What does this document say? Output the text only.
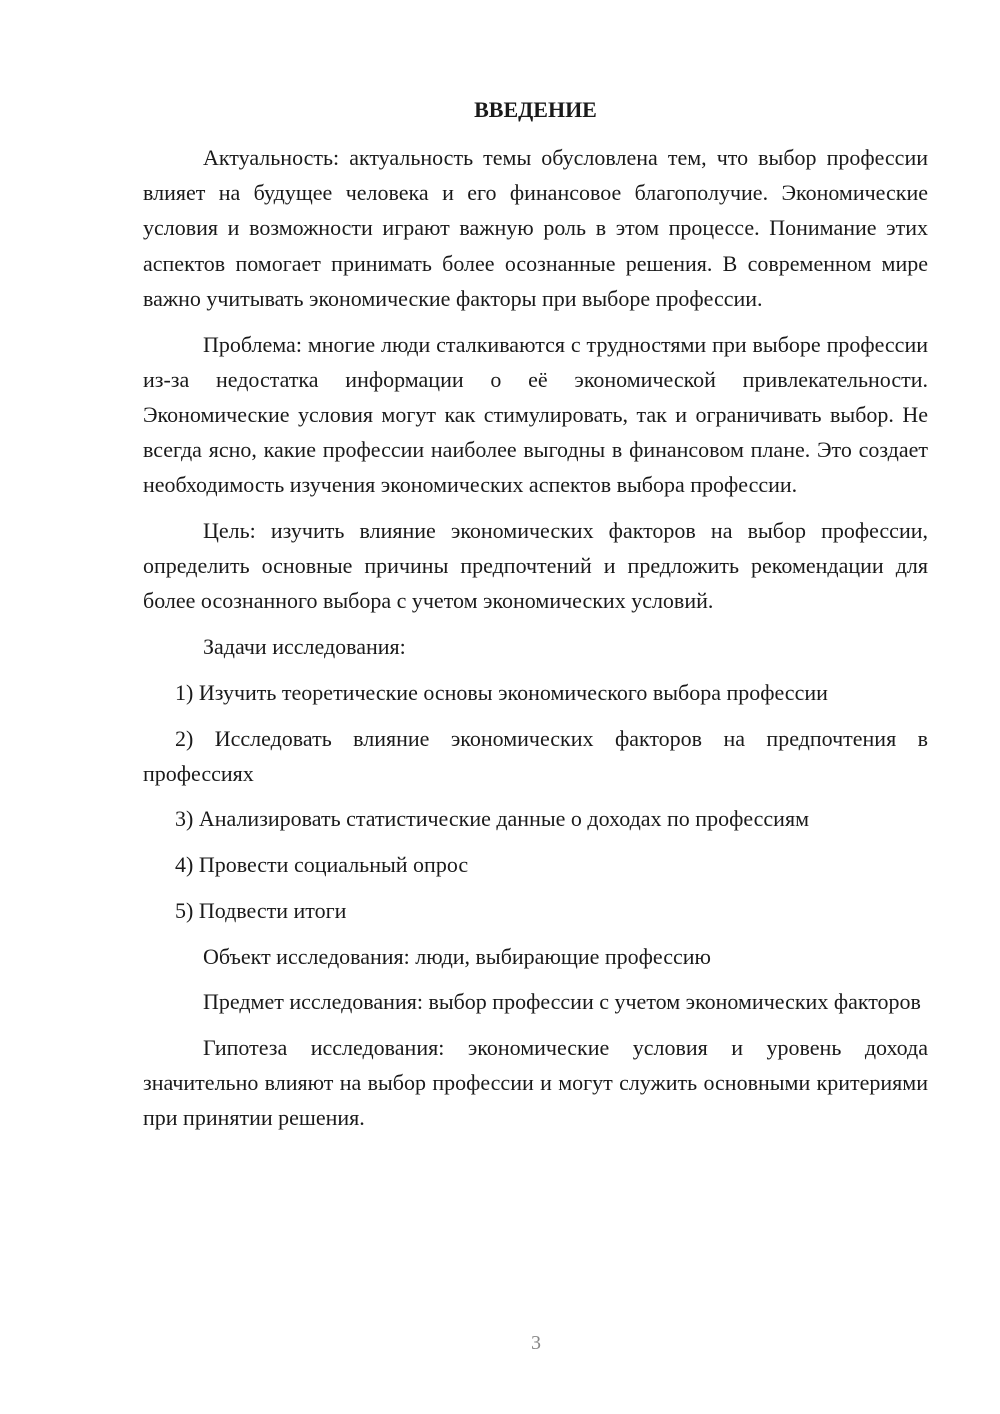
ВВЕДЕНИЕ

Актуальность: актуальность темы обусловлена тем, что выбор профессии влияет на будущее человека и его финансовое благополучие. Экономические условия и возможности играют важную роль в этом процессе. Понимание этих аспектов помогает принимать более осознанные решения. В современном мире важно учитывать экономические факторы при выборе профессии.

Проблема: многие люди сталкиваются с трудностями при выборе профессии из-за недостатка информации о её экономической привлекательности. Экономические условия могут как стимулировать, так и ограничивать выбор. Не всегда ясно, какие профессии наиболее выгодны в финансовом плане. Это создает необходимость изучения экономических аспектов выбора профессии.

Цель: изучить влияние экономических факторов на выбор профессии, определить основные причины предпочтений и предложить рекомендации для более осознанного выбора с учетом экономических условий.

Задачи исследования:

1) Изучить теоретические основы экономического выбора профессии

2) Исследовать влияние экономических факторов на предпочтения в профессиях

3) Анализировать статистические данные о доходах по профессиям

4) Провести социальный опрос

5) Подвести итоги

Объект исследования: люди, выбирающие профессию

Предмет исследования: выбор профессии с учетом экономических факторов

Гипотеза исследования: экономические условия и уровень дохода значительно влияют на выбор профессии и могут служить основными критериями при принятии решения.

3
